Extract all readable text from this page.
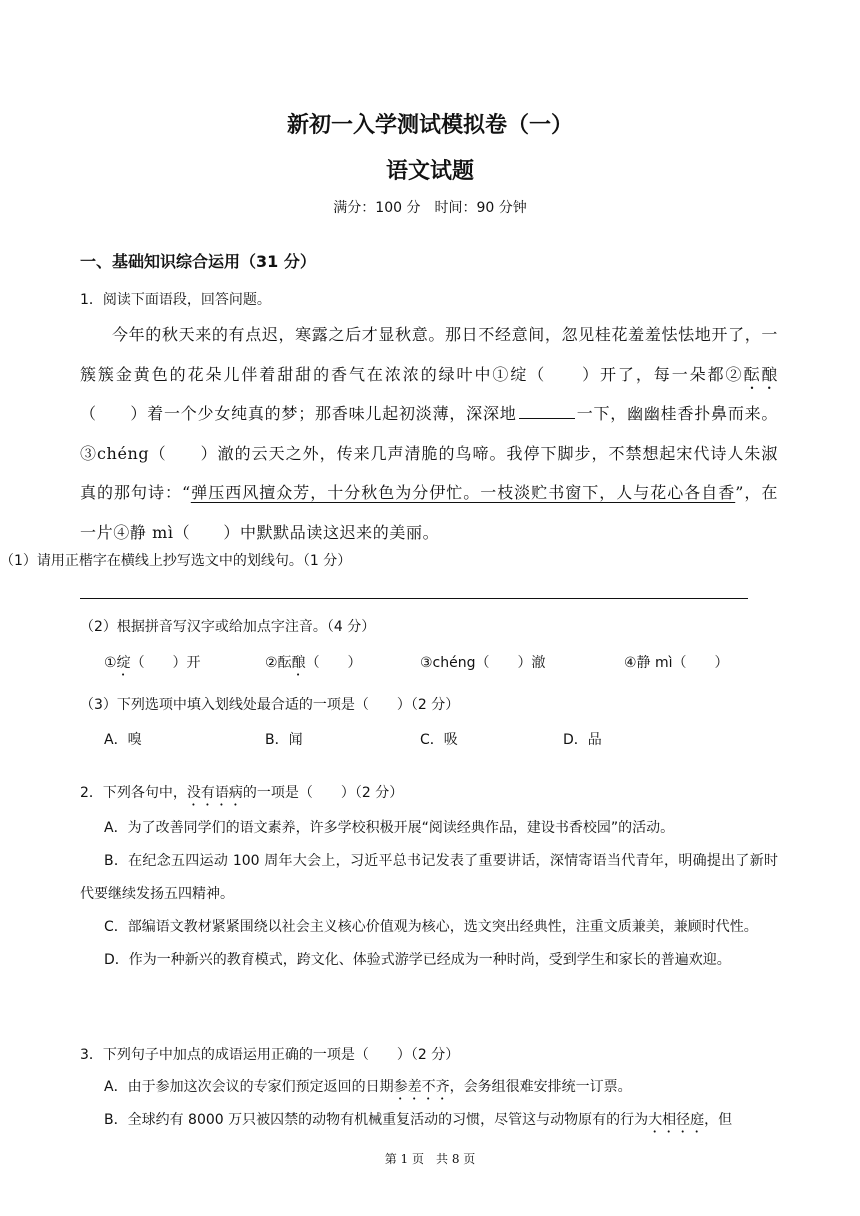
新初一入学测试模拟卷（一）
语文试题
满分：100 分　时间：90 分钟
一、基础知识综合运用（31 分）
1．阅读下面语段，回答问题。

今年的秋天来的有点迟，寒露之后才显秋意。那日不经意间，忽见桂花羞羞怯怯地开了，一簇簇金黄色的花朵儿伴着甜甜的香气在浓浓的绿叶中①绽（　　）开了，每一朵都②酝酿（　　）着一个少女纯真的梦；那香味儿起初淡薄，深深地	一下，幽幽桂香扑鼻而来。③chéng（　　）澈的云天之外，传来几声清脆的鸟啼。我停下脚步，不禁想起宋代诗人朱淑真的那句诗：“弹压西风擅众芳，十分秋色为分伊忙。一枝淡贮书窗下，人与花心各自香”，在一片④静 mì（　　）中默默品读这迟来的美丽。

（1）请用正楷字在横线上抄写选文中的划线句。（1 分）
（2）根据拼音写汉字或给加点字注音。（4 分）
①绽（　　）开	②酝酿（　　）	③chéng（　　）澈	④静 mì（　　）
（3）下列选项中填入划线处最合适的一项是（　　）（2 分）
A．嗅	B．闻	C．吸	D．品
2．下列各句中，没有语病的一项是（　　）（2 分）

A．为了改善同学们的语文素养，许多学校积极开展“阅读经典作品，建设书香校园”的活动。

B．在纪念五四运动 100 周年大会上，习近平总书记发表了重要讲话，深情寄语当代青年，明确提出了新时代要继续发扬五四精神。

C．部编语文教材紧紧围绕以社会主义核心价值观为核心，选文突出经典性，注重文质兼美，兼顾时代性。

D．作为一种新兴的教育模式，跨文化、体验式游学已经成为一种时尚，受到学生和家长的普遍欢迎。

3．下列句子中加点的成语运用正确的一项是（　　）（2 分）

A．由于参加这次会议的专家们预定返回的日期参差不齐，会务组很难安排统一订票。

B．全球约有 8000 万只被囚禁的动物有机械重复活动的习惯，尽管这与动物原有的行为大相径庭，但

第 1 页　共 8 页
